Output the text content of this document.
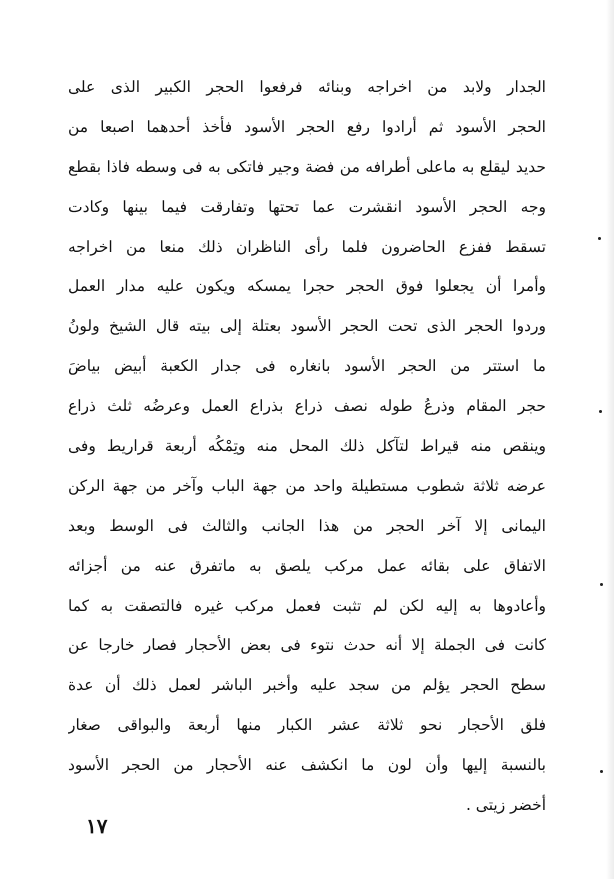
الجدار ولابد من اخراجه وبنائه فرفعوا الحجر الكبير الذى على
الحجر الأسود ثم أرادوا رفع الحجر الأسود فأخذ أحدهما اصبعا من
حديد ليقلع به ماعلى أطرافه من فضة وجير فاتكى به فى وسطه فاذا بقطع
وجه الحجر الأسود انقشرت عما تحتها وتفارقت فيما بينها وكادت
تسقط ففزع الحاضرون فلما رأى الناظران ذلك منعا من اخراجه
وأمرا أن يجعلوا فوق الحجر حجرا يمسكه ويكون عليه مدار العمل
وردوا الحجر الذى تحت الحجر الأسود بعتلة إلى بيته قال الشيخ ولونُ
ما استتر من الحجر الأسود بانغاره فى جدار الكعبة أبيض بياضَ
حجر المقام وذرعُ طوله نصف ذراع بذراع العمل وعرضُه ثلث ذراع
وينقص منه قيراط لتآكل ذلك المحل منه وتِمْكُه أربعة قراريط وفى
عرضه ثلاثة شطوب مستطيلة واحد من جهة الباب وآخر من جهة الركن
اليمانى إلا آخر الحجر من هذا الجانب والثالث فى الوسط وبعد
الاتفاق على بقائه عمل مركب يلصق به ماتفرق عنه من أجزائه
وأعادوها به إليه لكن لم تثبت فعمل مركب غيره فالتصقت به كما
كانت فى الجملة إلا أنه حدث نتوء فى بعض الأحجار فصار خارجا عن
سطح الحجر يؤلم من سجد عليه وأخبر الباشر لعمل ذلك أن عدة
فلق الأحجار نحو ثلاثة عشر الكبار منها أربعة والبواقى صغار
بالنسبة إليها وأن لون ما انكشف عنه الأحجار من الحجر الأسود
أخضر زيتى .
١٧
